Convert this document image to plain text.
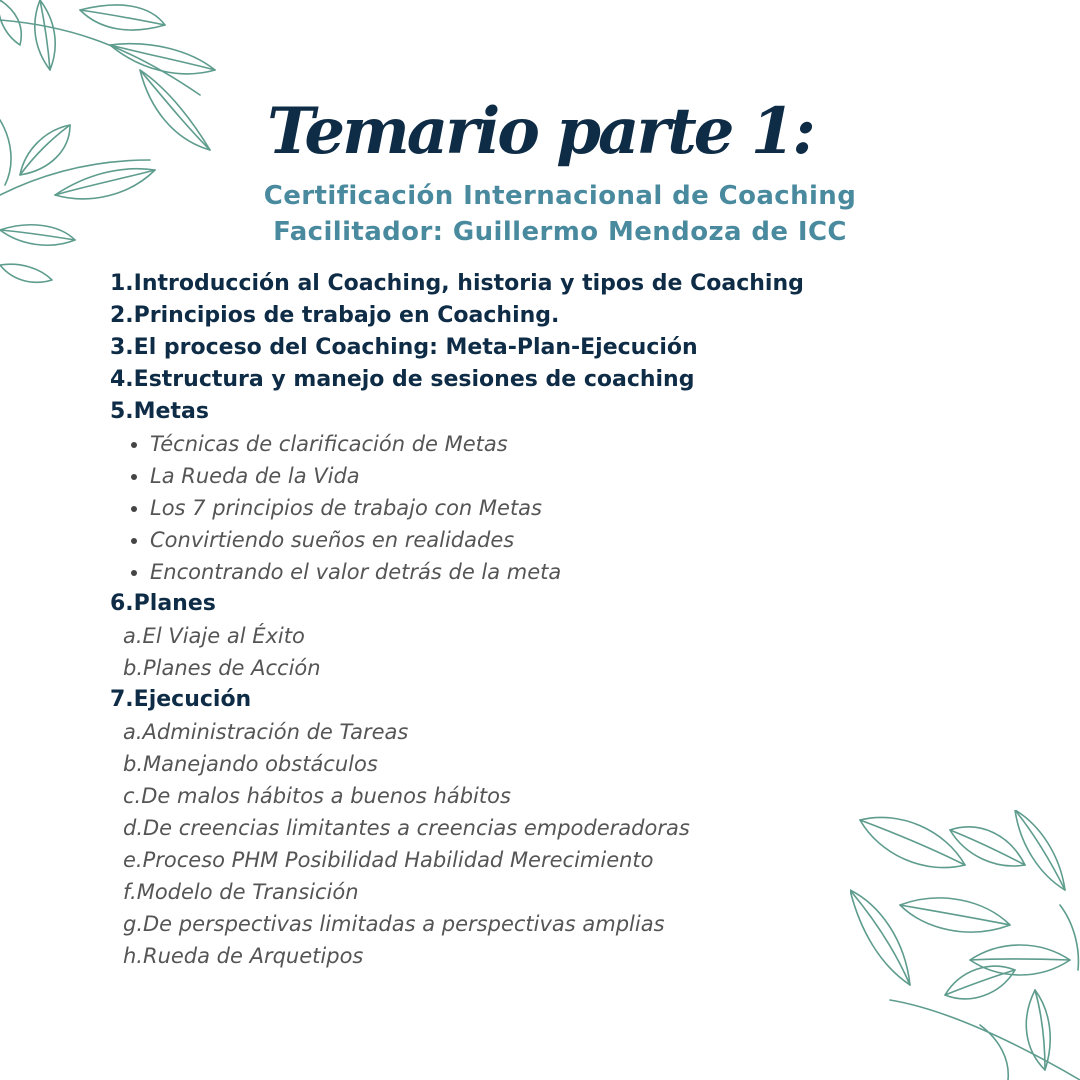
Temario parte 1:
Certificación Internacional de Coaching
Facilitador: Guillermo Mendoza de ICC
1.Introducción al Coaching, historia y tipos de Coaching
2.Principios de trabajo en Coaching.
3.El proceso del Coaching: Meta-Plan-Ejecución
4.Estructura y manejo de sesiones de coaching
5.Metas
Técnicas de clarificación de Metas
La Rueda de la Vida
Los 7 principios de trabajo con Metas
Convirtiendo sueños en realidades
Encontrando el valor detrás de la meta
6.Planes
a.El Viaje al Éxito
b.Planes de Acción
7.Ejecución
a.Administración de Tareas
b.Manejando obstáculos
c.De malos hábitos a buenos hábitos
d.De creencias limitantes a creencias empoderadoras
e.Proceso PHM Posibilidad Habilidad Merecimiento
f.Modelo de Transición
g.De perspectivas limitadas a perspectivas amplias
h.Rueda de Arquetipos
